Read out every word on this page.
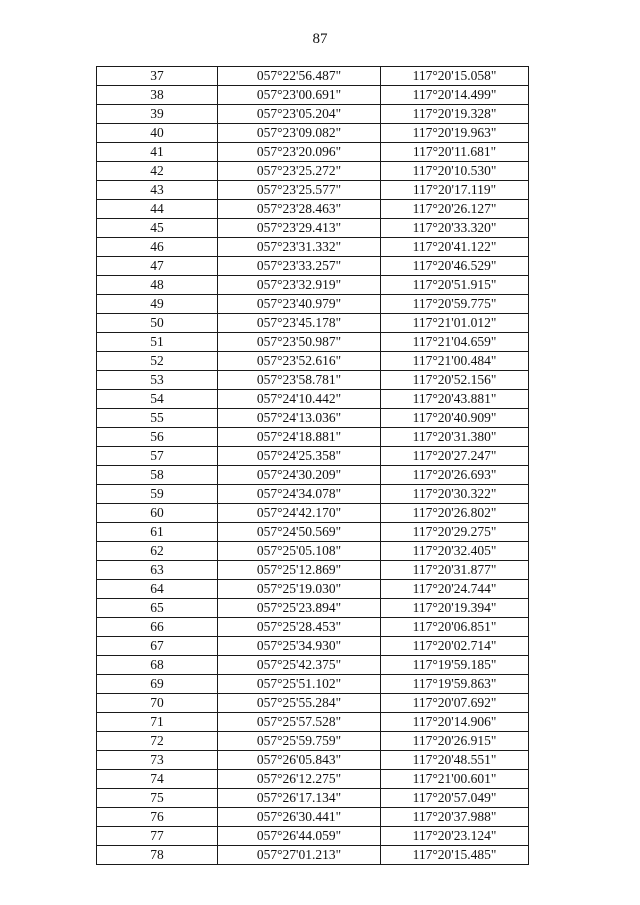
87
37	057°22'56.487"	117°20'15.058"
38	057°23'00.691"	117°20'14.499"
39	057°23'05.204"	117°20'19.328"
40	057°23'09.082"	117°20'19.963"
41	057°23'20.096"	117°20'11.681"
42	057°23'25.272"	117°20'10.530"
43	057°23'25.577"	117°20'17.119"
44	057°23'28.463"	117°20'26.127"
45	057°23'29.413"	117°20'33.320"
46	057°23'31.332"	117°20'41.122"
47	057°23'33.257"	117°20'46.529"
48	057°23'32.919"	117°20'51.915"
49	057°23'40.979"	117°20'59.775"
50	057°23'45.178"	117°21'01.012"
51	057°23'50.987"	117°21'04.659"
52	057°23'52.616"	117°21'00.484"
53	057°23'58.781"	117°20'52.156"
54	057°24'10.442"	117°20'43.881"
55	057°24'13.036"	117°20'40.909"
56	057°24'18.881"	117°20'31.380"
57	057°24'25.358"	117°20'27.247"
58	057°24'30.209"	117°20'26.693"
59	057°24'34.078"	117°20'30.322"
60	057°24'42.170"	117°20'26.802"
61	057°24'50.569"	117°20'29.275"
62	057°25'05.108"	117°20'32.405"
63	057°25'12.869"	117°20'31.877"
64	057°25'19.030"	117°20'24.744"
65	057°25'23.894"	117°20'19.394"
66	057°25'28.453"	117°20'06.851"
67	057°25'34.930"	117°20'02.714"
68	057°25'42.375"	117°19'59.185"
69	057°25'51.102"	117°19'59.863"
70	057°25'55.284"	117°20'07.692"
71	057°25'57.528"	117°20'14.906"
72	057°25'59.759"	117°20'26.915"
73	057°26'05.843"	117°20'48.551"
74	057°26'12.275"	117°21'00.601"
75	057°26'17.134"	117°20'57.049"
76	057°26'30.441"	117°20'37.988"
77	057°26'44.059"	117°20'23.124"
78	057°27'01.213"	117°20'15.485"
